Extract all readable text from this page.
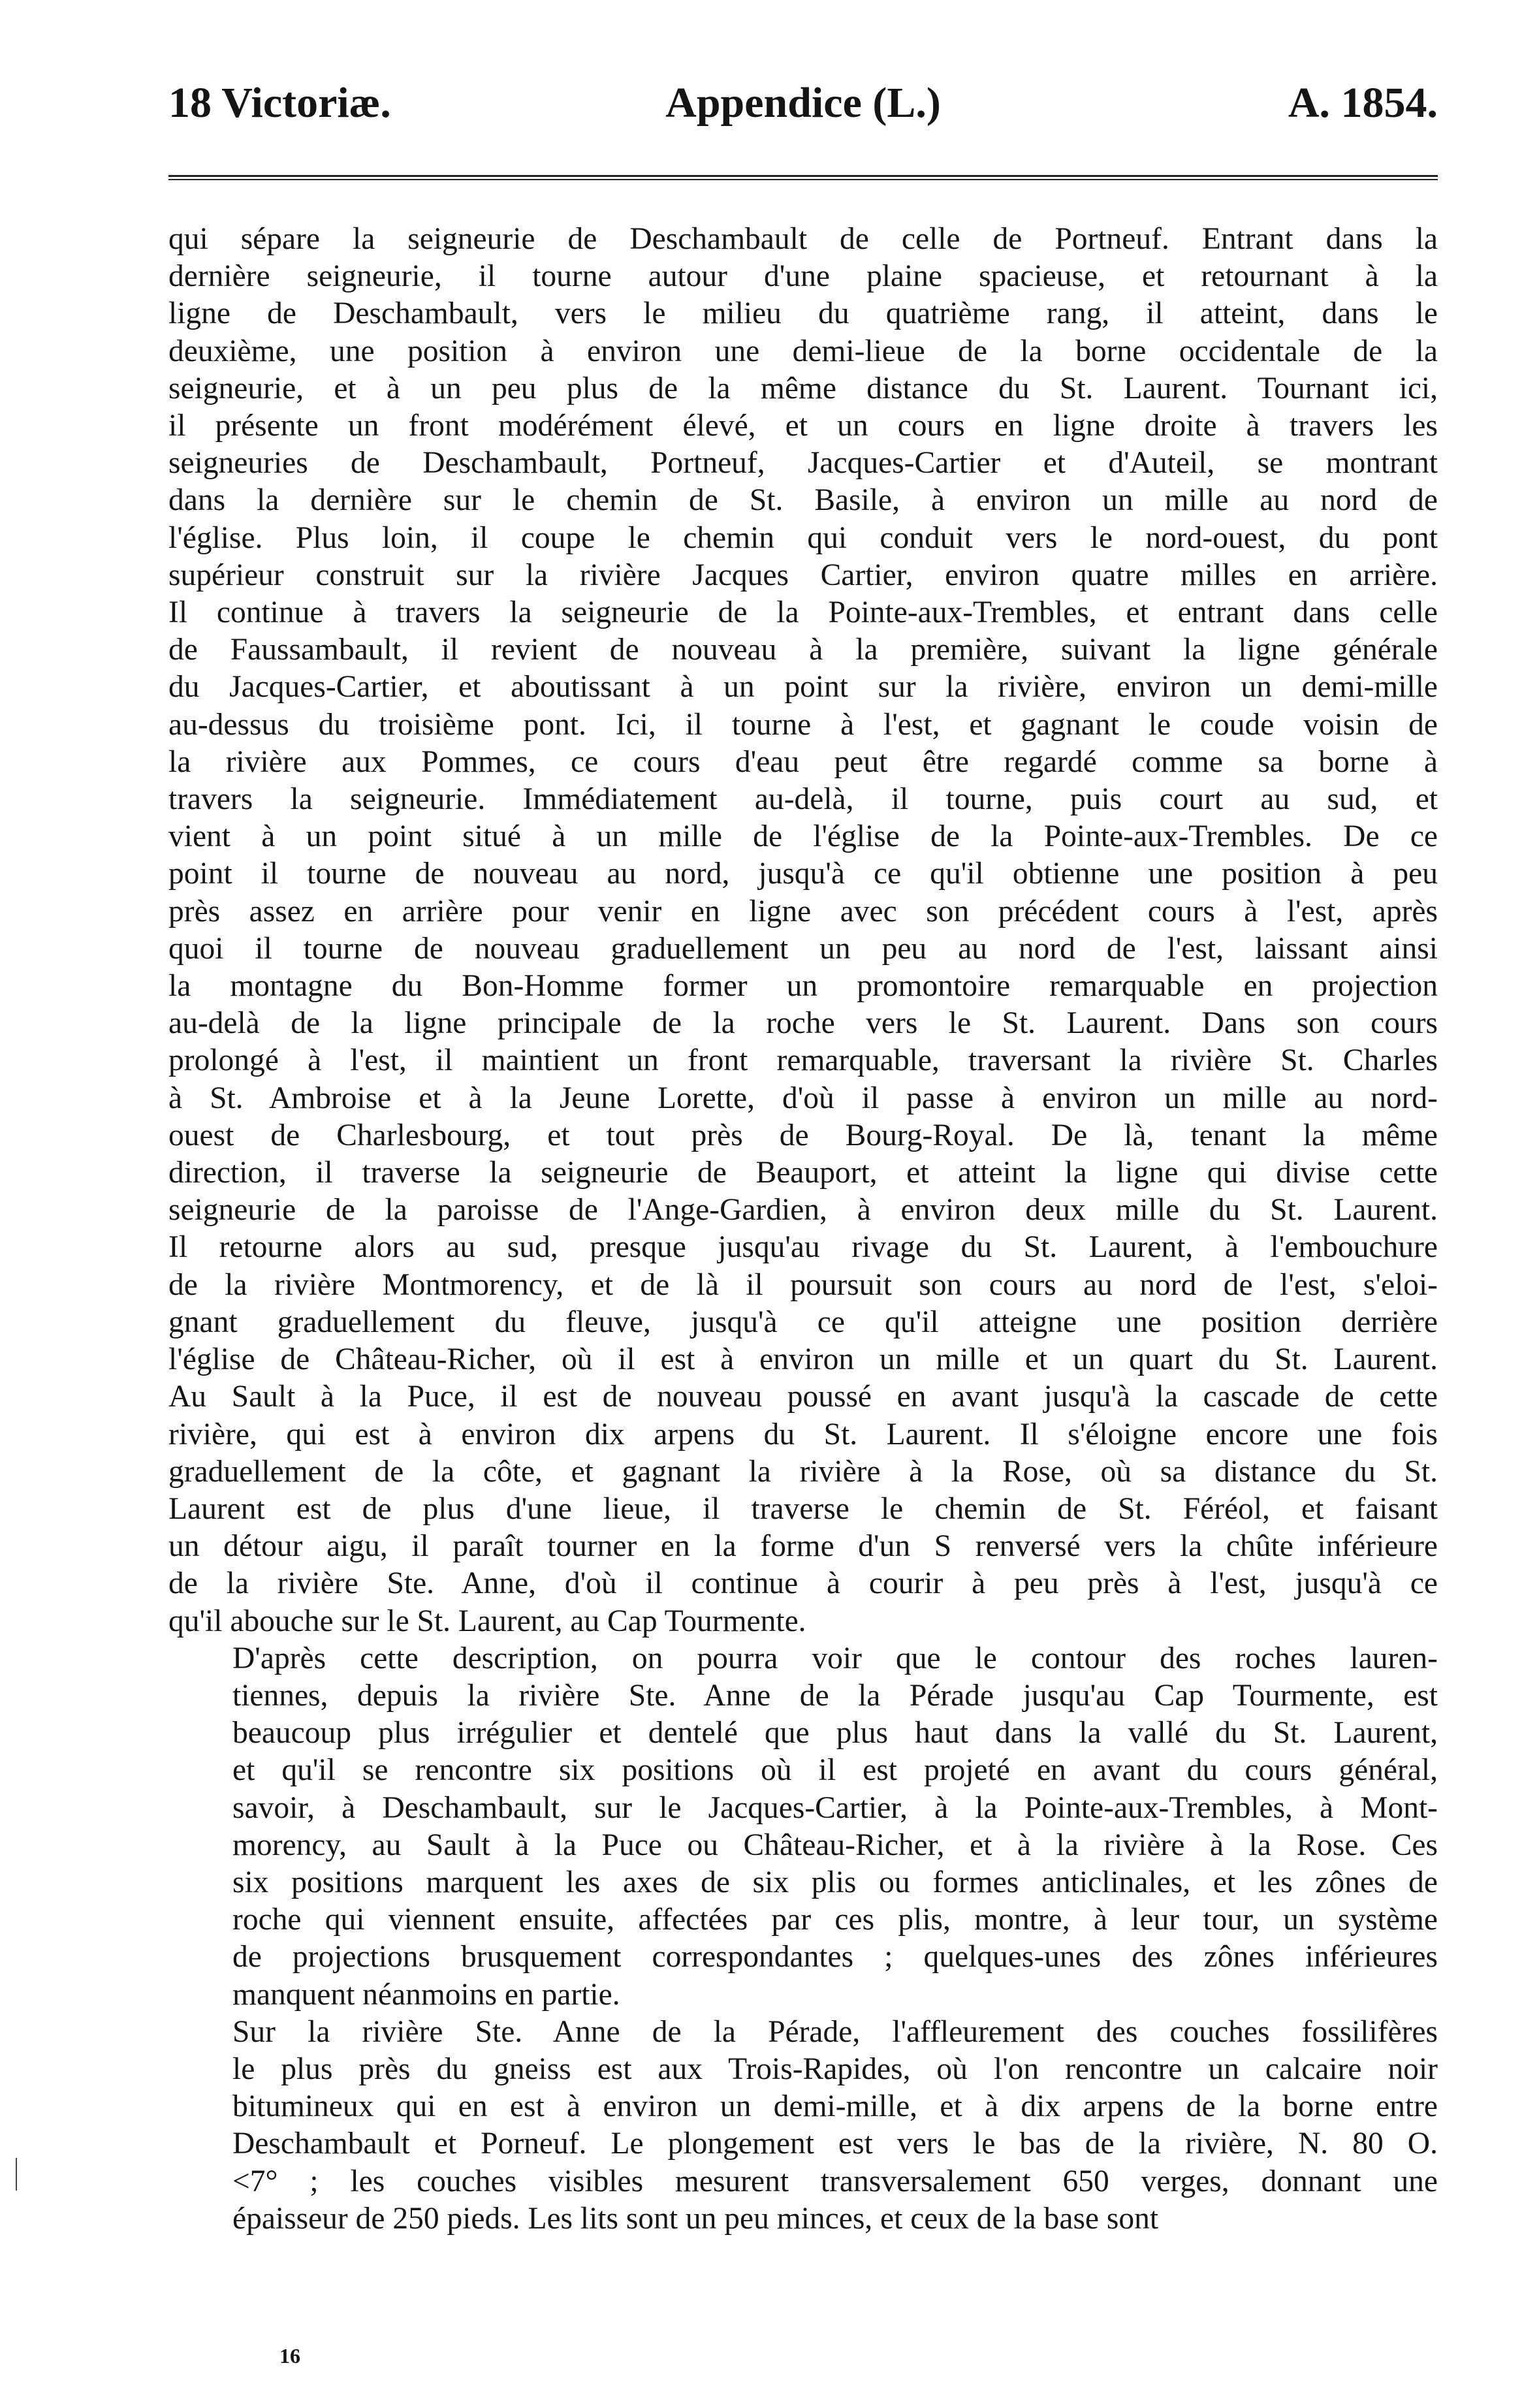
18 Victoriæ.	Appendice (L.)	A. 1854.

qui sépare la seigneurie de Deschambault de celle de Portneuf. Entrant dans la
dernière seigneurie, il tourne autour d'une plaine spacieuse, et retournant à la
ligne de Deschambault, vers le milieu du quatrième rang, il atteint, dans le
deuxième, une position à environ une demi-lieue de la borne occidentale de la
seigneurie, et à un peu plus de la même distance du St. Laurent. Tournant ici,
il présente un front modérément élevé, et un cours en ligne droite à travers les
seigneuries de Deschambault, Portneuf, Jacques-Cartier et d'Auteil, se montrant
dans la dernière sur le chemin de St. Basile, à environ un mille au nord de
l'église. Plus loin, il coupe le chemin qui conduit vers le nord-ouest, du pont
supérieur construit sur la rivière Jacques Cartier, environ quatre milles en arrière.
Il continue à travers la seigneurie de la Pointe-aux-Trembles, et entrant dans celle
de Faussambault, il revient de nouveau à la première, suivant la ligne générale
du Jacques-Cartier, et aboutissant à un point sur la rivière, environ un demi-mille
au-dessus du troisième pont. Ici, il tourne à l'est, et gagnant le coude voisin de
la rivière aux Pommes, ce cours d'eau peut être regardé comme sa borne à
travers la seigneurie. Immédiatement au-delà, il tourne, puis court au sud, et
vient à un point situé à un mille de l'église de la Pointe-aux-Trembles. De ce
point il tourne de nouveau au nord, jusqu'à ce qu'il obtienne une position à peu
près assez en arrière pour venir en ligne avec son précédent cours à l'est, après
quoi il tourne de nouveau graduellement un peu au nord de l'est, laissant ainsi
la montagne du Bon-Homme former un promontoire remarquable en projection
au-delà de la ligne principale de la roche vers le St. Laurent. Dans son cours
prolongé à l'est, il maintient un front remarquable, traversant la rivière St. Charles
à St. Ambroise et à la Jeune Lorette, d'où il passe à environ un mille au nord-
ouest de Charlesbourg, et tout près de Bourg-Royal. De là, tenant la même
direction, il traverse la seigneurie de Beauport, et atteint la ligne qui divise cette
seigneurie de la paroisse de l'Ange-Gardien, à environ deux mille du St. Laurent.
Il retourne alors au sud, presque jusqu'au rivage du St. Laurent, à l'embouchure
de la rivière Montmorency, et de là il poursuit son cours au nord de l'est, s'eloi-
gnant graduellement du fleuve, jusqu'à ce qu'il atteigne une position derrière
l'église de Château-Richer, où il est à environ un mille et un quart du St. Laurent.
Au Sault à la Puce, il est de nouveau poussé en avant jusqu'à la cascade de cette
rivière, qui est à environ dix arpens du St. Laurent. Il s'éloigne encore une fois
graduellement de la côte, et gagnant la rivière à la Rose, où sa distance du St.
Laurent est de plus d'une lieue, il traverse le chemin de St. Féréol, et faisant
un détour aigu, il paraît tourner en la forme d'un S renversé vers la chûte inférieure
de la rivière Ste. Anne, d'où il continue à courir à peu près à l'est, jusqu'à ce
qu'il abouche sur le St. Laurent, au Cap Tourmente.

D'après cette description, on pourra voir que le contour des roches lauren-
tiennes, depuis la rivière Ste. Anne de la Pérade jusqu'au Cap Tourmente, est
beaucoup plus irrégulier et dentelé que plus haut dans la vallé du St. Laurent,
et qu'il se rencontre six positions où il est projeté en avant du cours général,
savoir, à Deschambault, sur le Jacques-Cartier, à la Pointe-aux-Trembles, à Mont-
morency, au Sault à la Puce ou Château-Richer, et à la rivière à la Rose. Ces
six positions marquent les axes de six plis ou formes anticlinales, et les zônes de
roche qui viennent ensuite, affectées par ces plis, montre, à leur tour, un système
de projections brusquement correspondantes ; quelques-unes des zônes inférieures
manquent néanmoins en partie.

Sur la rivière Ste. Anne de la Pérade, l'affleurement des couches fossilifères
le plus près du gneiss est aux Trois-Rapides, où l'on rencontre un calcaire noir
bitumineux qui en est à environ un demi-mille, et à dix arpens de la borne entre
Deschambault et Porneuf. Le plongement est vers le bas de la rivière, N. 80 O.
<7° ; les couches visibles mesurent transversalement 650 verges, donnant une
épaisseur de 250 pieds. Les lits sont un peu minces, et ceux de la base sont

16
